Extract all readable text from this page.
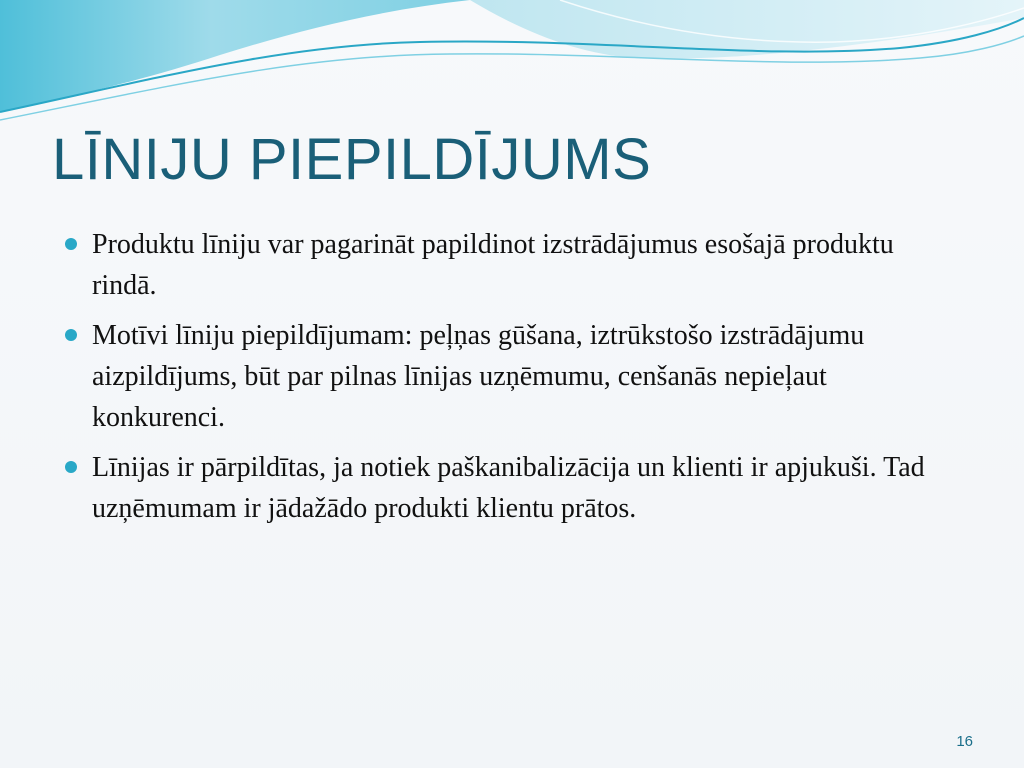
LĪNIJU PIEPILDĪJUMS
Produktu līniju var pagarināt papildinot izstrādājumus esošajā produktu rindā.
Motīvi līniju piepildījumam: peļņas gūšana, iztrūkstošo izstrādājumu aizpildījums, būt par pilnas līnijas uzņēmumu, cenšanās nepieļaut konkurenci.
Līnijas ir pārpildītas, ja notiek paškanibalizācija un klienti ir apjukuši. Tad uzņēmumam ir jādažādo produkti klientu prātos.
16
